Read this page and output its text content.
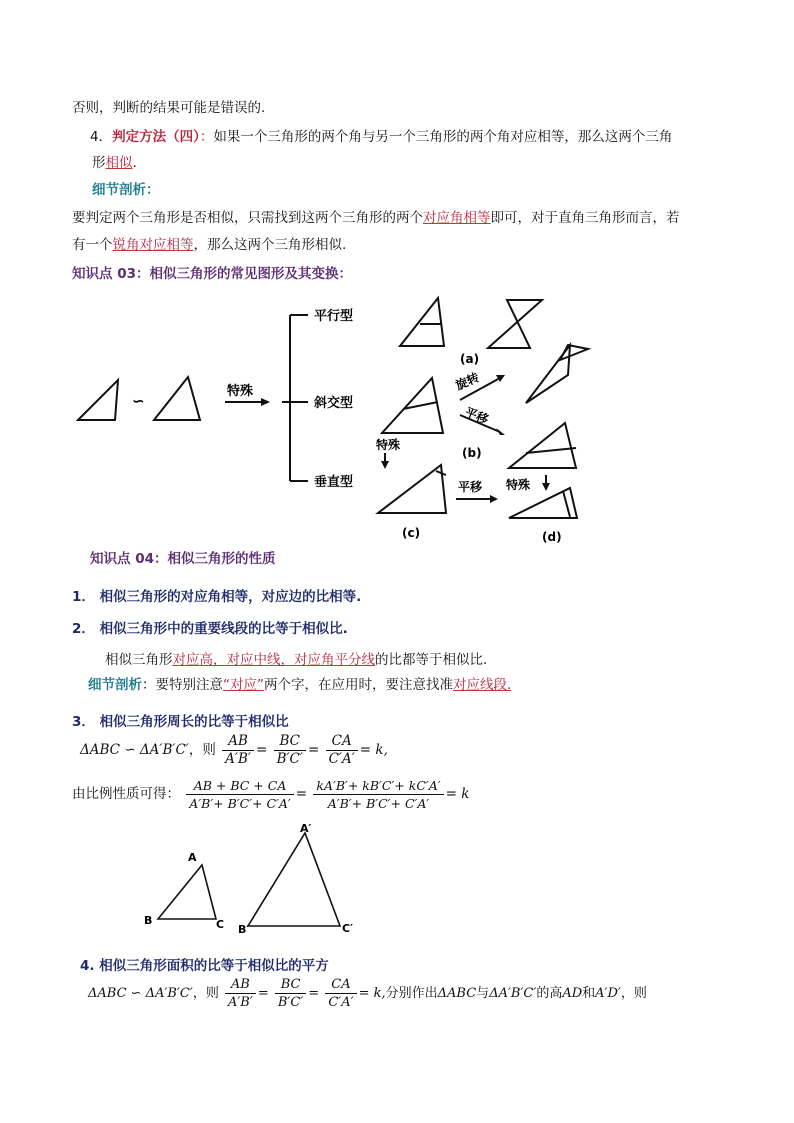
否则，判断的结果可能是错误的.
4．判定方法（四）：如果一个三角形的两个角与另一个三角形的两个角对应相等，那么这两个三角
形相似.
细节剖析：
要判定两个三角形是否相似，只需找到这两个三角形的两个对应角相等即可，对于直角三角形而言，若
有一个锐角对应相等，那么这两个三角形相似.
知识点 03：相似三角形的常见图形及其变换：
∽
特殊
平行型
斜交型
垂直型
旋转
平移
特殊
平移 特殊
(a)
(b)
(c)	(d)
知识点 04：相似三角形的性质
1． 相似三角形的对应角相等，对应边的比相等.
2． 相似三角形中的重要线段的比等于相似比.
相似三角形对应高，对应中线，对应角平分线的比都等于相似比.
细节剖析：要特别注意“对应”两个字，在应用时，要注意找准对应线段.
3． 相似三角形周长的比等于相似比
ΔABC ∽ ΔA′B′C′，则 $\frac{AB}{A'B'} = \frac{BC}{B'C'} = \frac{CA}{C'A'} = k$,
由比例性质可得： $\frac{AB + BC + CA}{A'B'+ B'C'+ C'A'} = \frac{kA'B'+ kB'C'+ kC'A'}{A'B'+ B'C'+ C'A'} = k$
A
B	C
A′
B′	C′
4. 相似三角形面积的比等于相似比的平方
ΔABC ∽ ΔA′B′C′，则 $\frac{AB}{A'B'} = \frac{BC}{B'C'} = \frac{CA}{C'A'} = k$,分别作出ΔABC与ΔA′B′C′的高AD和A′D′，则
